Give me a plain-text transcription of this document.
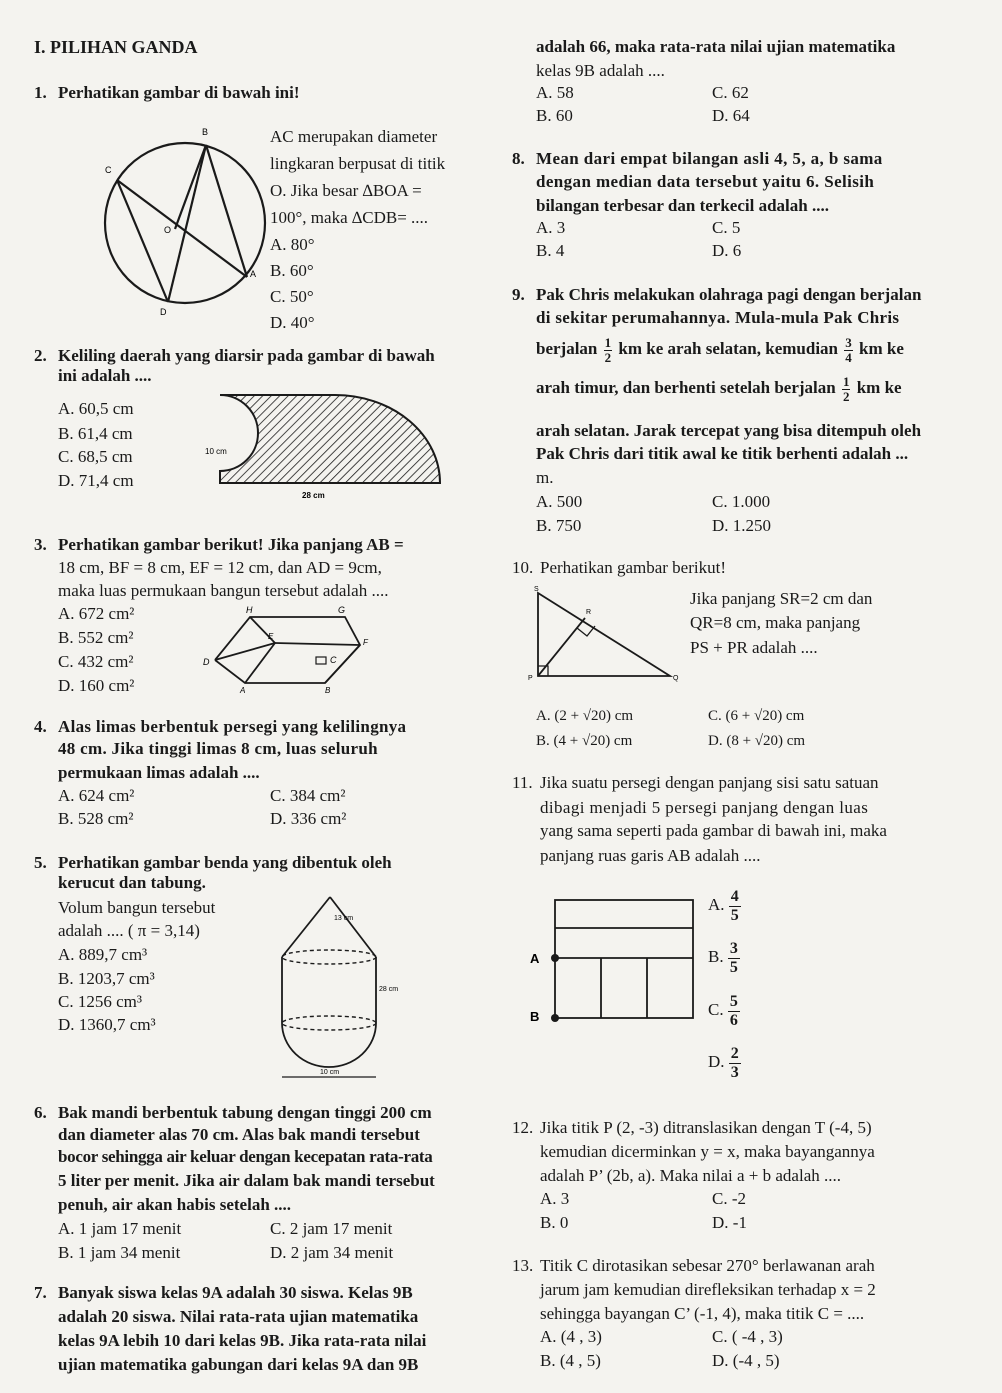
I. PILIHAN GANDA
1. Perhatikan gambar di bawah ini!
AC merupakan diameter
lingkaran berpusat di titik
O. Jika besar ∆BOA =
100°, maka ∆CDB= ....
A. 80°
B. 60°
C. 50°
D. 40°
B
C
O
A
D
2. Keliling daerah yang diarsir pada gambar di bawah
ini adalah ....
A. 60,5 cm
B. 61,4 cm
C. 68,5 cm
D. 71,4 cm
10 cm
28 cm
3. Perhatikan gambar berikut! Jika panjang AB =
18 cm, BF = 8 cm, EF = 12 cm, dan AD = 9cm,
maka luas permukaan bangun tersebut adalah ....
A. 672 cm²
B. 552 cm²
C. 432 cm²
D. 160 cm²
H	G
E
F
D	C
A	B
4. Alas limas berbentuk persegi yang kelilingnya
48 cm. Jika tinggi limas 8 cm, luas seluruh
permukaan limas adalah ....
A. 624 cm²	C. 384 cm²
B. 528 cm²	D. 336 cm²
5. Perhatikan gambar benda yang dibentuk oleh
kerucut dan tabung.
Volum bangun tersebut
adalah .... ( π = 3,14)
A. 889,7 cm³
B. 1203,7 cm³
C. 1256 cm³
D. 1360,7 cm³
13 cm
28 cm
10 cm
6. Bak mandi berbentuk tabung dengan tinggi 200 cm
dan diameter alas 70 cm. Alas bak mandi tersebut
bocor sehingga air keluar dengan kecepatan rata-rata
5 liter per menit. Jika air dalam bak mandi tersebut
penuh, air akan habis setelah ....
A. 1 jam 17 menit	C. 2 jam 17 menit
B. 1 jam 34 menit	D. 2 jam 34 menit
7. Banyak siswa kelas 9A adalah 30 siswa. Kelas 9B
adalah 20 siswa. Nilai rata-rata ujian matematika
kelas 9A lebih 10 dari kelas 9B. Jika rata-rata nilai
ujian matematika gabungan dari kelas 9A dan 9B
adalah 66, maka rata-rata nilai ujian matematika
kelas 9B adalah ....
A. 58	C. 62
B. 60	D. 64
8. Mean dari empat bilangan asli 4, 5, a, b sama
dengan median data tersebut yaitu 6. Selisih
bilangan terbesar dan terkecil adalah ....
A. 3	C. 5
B. 4	D. 6
9. Pak Chris melakukan olahraga pagi dengan berjalan
di sekitar perumahannya. Mula-mula Pak Chris
berjalan $\frac{1}{2}$ km ke arah selatan, kemudian $\frac{3}{4}$ km ke
arah timur, dan berhenti setelah berjalan $\frac{1}{2}$ km ke
arah selatan. Jarak tercepat yang bisa ditempuh oleh
Pak Chris dari titik awal ke titik berhenti adalah ...
m.
A. 500	C. 1.000
B. 750	D. 1.250
10. Perhatikan gambar berikut!
Jika panjang SR=2 cm dan
QR=8 cm, maka panjang
PS + PR adalah ....
S
R
P	Q
A. (2 + √20) cm	C. (6 + √20) cm
B. (4 + √20) cm	D. (8 + √20) cm
11. Jika suatu persegi dengan panjang sisi satu satuan
dibagi menjadi 5 persegi panjang dengan luas
yang sama seperti pada gambar di bawah ini, maka
panjang ruas garis AB adalah ....
A
B
A. $\frac{4}{5}$
B. $\frac{3}{5}$
C. $\frac{5}{6}$
D. $\frac{2}{3}$
12. Jika titik P (2, -3) ditranslasikan dengan T (-4, 5)
kemudian dicerminkan y = x, maka bayangannya
adalah P’ (2b, a). Maka nilai a + b adalah ....
A. 3	C. -2
B. 0	D. -1
13. Titik C dirotasikan sebesar 270° berlawanan arah
jarum jam kemudian direfleksikan terhadap x = 2
sehingga bayangan C’ (-1, 4), maka titik C = ....
A. (4 , 3)	C. ( -4 , 3)
B. (4 , 5)	D. (-4 , 5)
